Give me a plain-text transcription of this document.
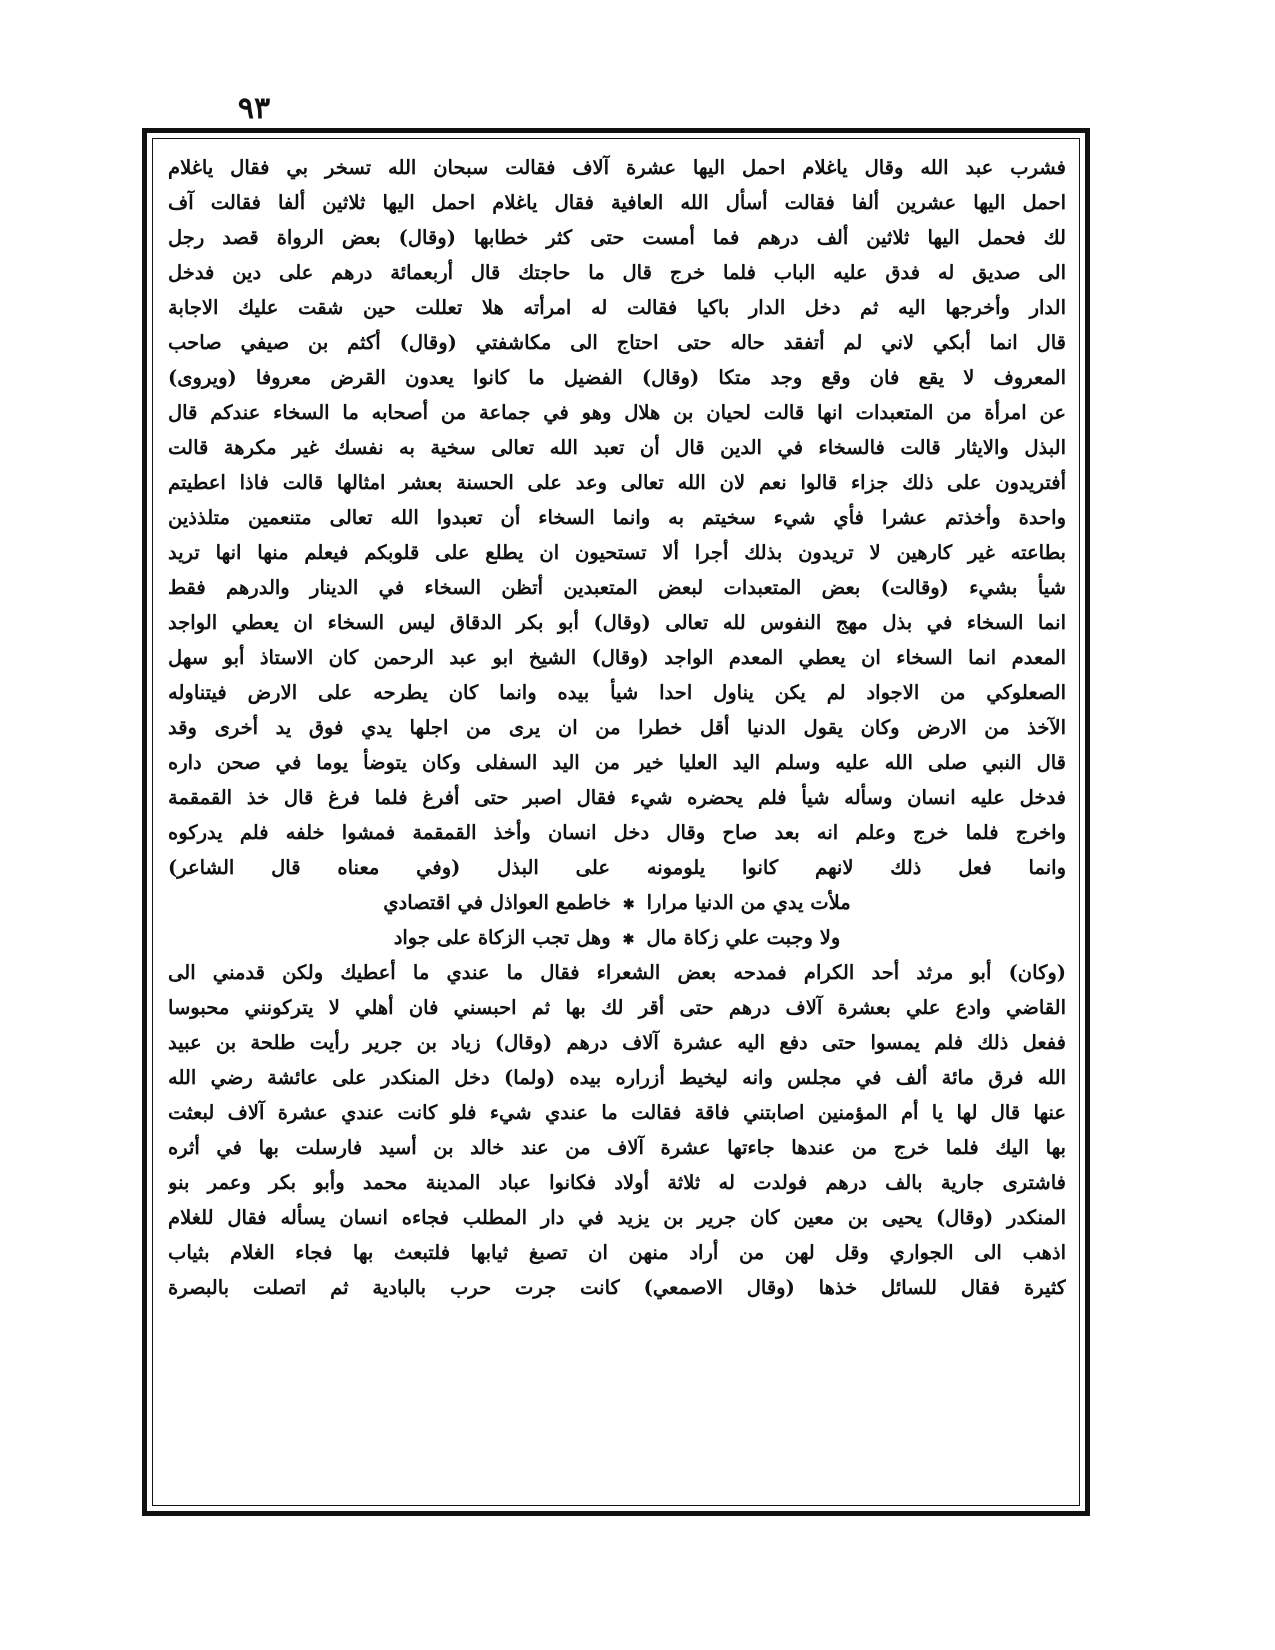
٩٣
فشرب عبد الله وقال ياغلام احمل اليها عشرة آلاف فقالت سبحان الله تسخر بي فقال ياغلام
احمل اليها عشرين ألفا فقالت أسأل الله العافية فقال ياغلام احمل اليها ثلاثين ألفا فقالت آف
لك فحمل اليها ثلاثين ألف درهم فما أمست حتى كثر خطابها (وقال) بعض الرواة قصد رجل
الى صديق له فدق عليه الباب فلما خرج قال ما حاجتك قال أربعمائة درهم على دين فدخل
الدار وأخرجها اليه ثم دخل الدار باكيا فقالت له امرأته هلا تعللت حين شقت عليك الاجابة
قال انما أبكي لاني لم أتفقد حاله حتى احتاج الى مكاشفتي (وقال) أكثم بن صيفي صاحب
المعروف لا يقع فان وقع وجد متكا (وقال) الفضيل ما كانوا يعدون القرض معروفا (ويروى)
عن امرأة من المتعبدات انها قالت لحيان بن هلال وهو في جماعة من أصحابه ما السخاء عندكم قال
البذل والايثار قالت فالسخاء في الدين قال أن تعبد الله تعالى سخية به نفسك غير مكرهة قالت
أفتريدون على ذلك جزاء قالوا نعم لان الله تعالى وعد على الحسنة بعشر امثالها قالت فاذا اعطيتم
واحدة وأخذتم عشرا فأي شيء سخيتم به وانما السخاء أن تعبدوا الله تعالى متنعمين متلذذين
بطاعته غير كارهين لا تريدون بذلك أجرا ألا تستحيون ان يطلع على قلوبكم فيعلم منها انها تريد
شيأ بشيء (وقالت) بعض المتعبدات لبعض المتعبدين أتظن السخاء في الدينار والدرهم فقط
انما السخاء في بذل مهج النفوس لله تعالى (وقال) أبو بكر الدقاق ليس السخاء ان يعطي الواجد
المعدم انما السخاء ان يعطي المعدم الواجد (وقال) الشيخ ابو عبد الرحمن كان الاستاذ أبو سهل
الصعلوكي من الاجواد لم يكن يناول احدا شيأ بيده وانما كان يطرحه على الارض فيتناوله
الآخذ من الارض وكان يقول الدنيا أقل خطرا من ان يرى من اجلها يدي فوق يد أخرى وقد
قال النبي صلى الله عليه وسلم اليد العليا خير من اليد السفلى وكان يتوضأ يوما في صحن داره
فدخل عليه انسان وسأله شيأ فلم يحضره شيء فقال اصبر حتى أفرغ فلما فرغ قال خذ القمقمة
واخرج فلما خرج وعلم انه بعد صاح وقال دخل انسان وأخذ القمقمة فمشوا خلفه فلم يدركوه
وانما فعل ذلك لانهم كانوا يلومونه على البذل (وفي معناه قال الشاعر)
ملأت يدي من الدنيا مرارا✱خاطمع العواذل في اقتصادي
ولا وجبت علي زكاة مال✱وهل تجب الزكاة على جواد
(وكان) أبو مرثد أحد الكرام فمدحه بعض الشعراء فقال ما عندي ما أعطيك ولكن قدمني الى
القاضي وادع علي بعشرة آلاف درهم حتى أقر لك بها ثم احبسني فان أهلي لا يتركونني محبوسا
ففعل ذلك فلم يمسوا حتى دفع اليه عشرة آلاف درهم (وقال) زياد بن جرير رأيت طلحة بن عبيد
الله فرق مائة ألف في مجلس وانه ليخيط أزراره بيده (ولما) دخل المنكدر على عائشة رضي الله
عنها قال لها يا أم المؤمنين اصابتني فاقة فقالت ما عندي شيء فلو كانت عندي عشرة آلاف لبعثت
بها اليك فلما خرج من عندها جاءتها عشرة آلاف من عند خالد بن أسيد فارسلت بها في أثره
فاشترى جارية بالف درهم فولدت له ثلاثة أولاد فكانوا عباد المدينة محمد وأبو بكر وعمر بنو
المنكدر (وقال) يحيى بن معين كان جرير بن يزيد في دار المطلب فجاءه انسان يسأله فقال للغلام
اذهب الى الجواري وقل لهن من أراد منهن ان تصبغ ثيابها فلتبعث بها فجاء الغلام بثياب
كثيرة فقال للسائل خذها (وقال الاصمعي) كانت جرت حرب بالبادية ثم اتصلت بالبصرة
